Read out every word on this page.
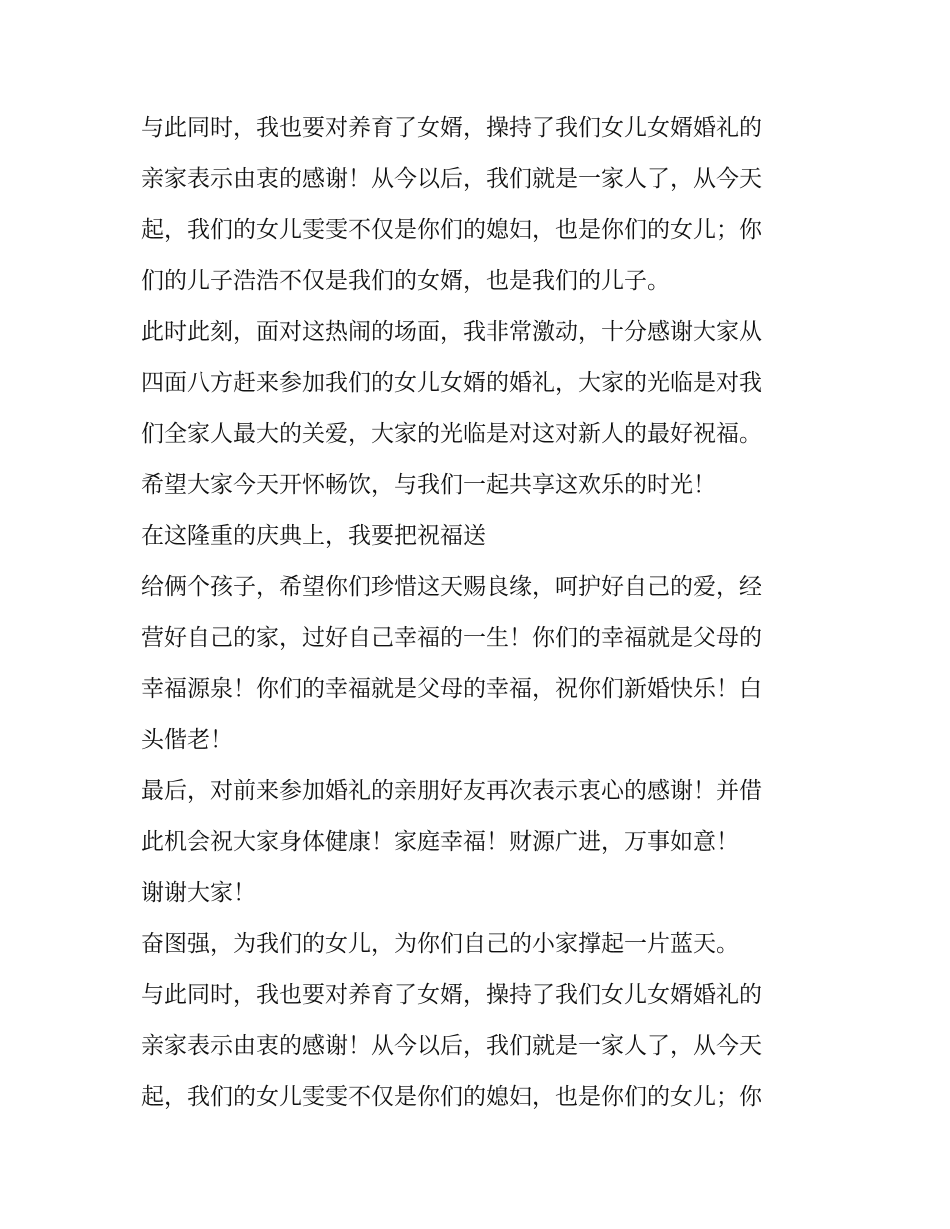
与此同时，我也要对养育了女婿，操持了我们女儿女婿婚礼的
亲家表示由衷的感谢！从今以后，我们就是一家人了，从今天
起，我们的女儿雯雯不仅是你们的媳妇，也是你们的女儿；你
们的儿子浩浩不仅是我们的女婿，也是我们的儿子。
此时此刻，面对这热闹的场面，我非常激动，十分感谢大家从
四面八方赶来参加我们的女儿女婿的婚礼，大家的光临是对我
们全家人最大的关爱，大家的光临是对这对新人的最好祝福。
希望大家今天开怀畅饮，与我们一起共享这欢乐的时光！
在这隆重的庆典上，我要把祝福送
给俩个孩子，希望你们珍惜这天赐良缘，呵护好自己的爱，经
营好自己的家，过好自己幸福的一生！你们的幸福就是父母的
幸福源泉！你们的幸福就是父母的幸福，祝你们新婚快乐！白
头偕老！
最后，对前来参加婚礼的亲朋好友再次表示衷心的感谢！并借
此机会祝大家身体健康！家庭幸福！财源广进，万事如意！
谢谢大家！
奋图强，为我们的女儿，为你们自己的小家撑起一片蓝天。
与此同时，我也要对养育了女婿，操持了我们女儿女婿婚礼的
亲家表示由衷的感谢！从今以后，我们就是一家人了，从今天
起，我们的女儿雯雯不仅是你们的媳妇，也是你们的女儿；你
